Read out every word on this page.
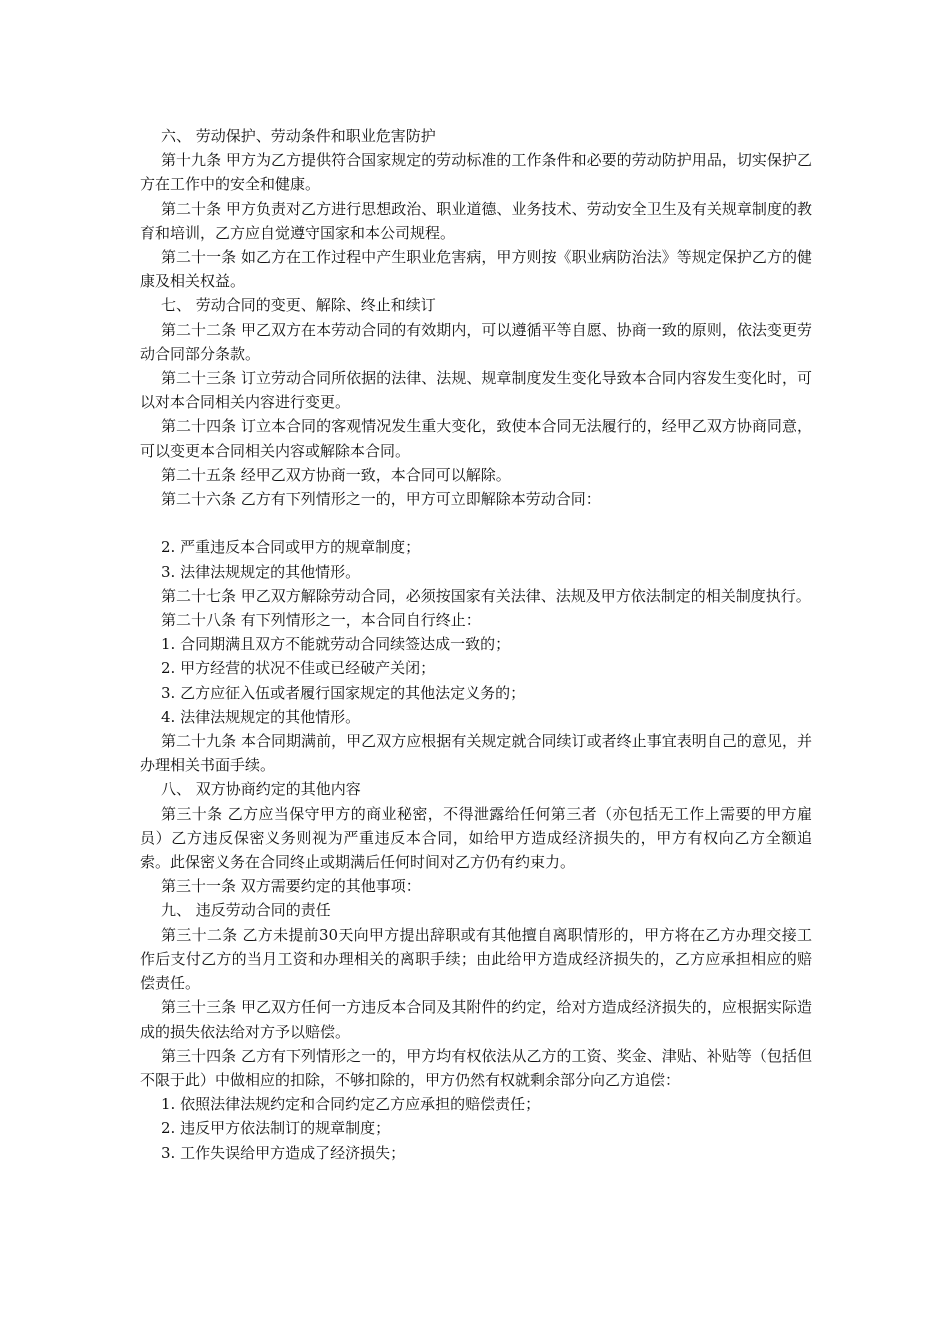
六、 劳动保护、劳动条件和职业危害防护

第十九条 甲方为乙方提供符合国家规定的劳动标准的工作条件和必要的劳动防护用品，切实保护乙方在工作中的安全和健康。

第二十条 甲方负责对乙方进行思想政治、职业道德、业务技术、劳动安全卫生及有关规章制度的教育和培训，乙方应自觉遵守国家和本公司规程。

第二十一条 如乙方在工作过程中产生职业危害病，甲方则按《职业病防治法》等规定保护乙方的健康及相关权益。

七、 劳动合同的变更、解除、终止和续订

第二十二条 甲乙双方在本劳动合同的有效期内，可以遵循平等自愿、协商一致的原则，依法变更劳动合同部分条款。

第二十三条 订立劳动合同所依据的法律、法规、规章制度发生变化导致本合同内容发生变化时，可以对本合同相关内容进行变更。

第二十四条 订立本合同的客观情况发生重大变化，致使本合同无法履行的，经甲乙双方协商同意，可以变更本合同相关内容或解除本合同。

第二十五条 经甲乙双方协商一致，本合同可以解除。

第二十六条 乙方有下列情形之一的，甲方可立即解除本劳动合同：

2. 严重违反本合同或甲方的规章制度；

3. 法律法规规定的其他情形。

第二十七条 甲乙双方解除劳动合同，必须按国家有关法律、法规及甲方依法制定的相关制度执行。

第二十八条 有下列情形之一，本合同自行终止：

1. 合同期满且双方不能就劳动合同续签达成一致的；

2. 甲方经营的状况不佳或已经破产关闭；

3. 乙方应征入伍或者履行国家规定的其他法定义务的；

4. 法律法规规定的其他情形。

第二十九条 本合同期满前，甲乙双方应根据有关规定就合同续订或者终止事宜表明自己的意见，并办理相关书面手续。

八、 双方协商约定的其他内容

第三十条 乙方应当保守甲方的商业秘密，不得泄露给任何第三者（亦包括无工作上需要的甲方雇员）乙方违反保密义务则视为严重违反本合同，如给甲方造成经济损失的，甲方有权向乙方全额追索。此保密义务在合同终止或期满后任何时间对乙方仍有约束力。

第三十一条 双方需要约定的其他事项：

九、 违反劳动合同的责任

第三十二条 乙方未提前30天向甲方提出辞职或有其他擅自离职情形的，甲方将在乙方办理交接工作后支付乙方的当月工资和办理相关的离职手续；由此给甲方造成经济损失的，乙方应承担相应的赔偿责任。

第三十三条 甲乙双方任何一方违反本合同及其附件的约定，给对方造成经济损失的，应根据实际造成的损失依法给对方予以赔偿。

第三十四条 乙方有下列情形之一的，甲方均有权依法从乙方的工资、奖金、津贴、补贴等（包括但不限于此）中做相应的扣除，不够扣除的，甲方仍然有权就剩余部分向乙方追偿：

1. 依照法律法规约定和合同约定乙方应承担的赔偿责任；

2. 违反甲方依法制订的规章制度；

3. 工作失误给甲方造成了经济损失；
